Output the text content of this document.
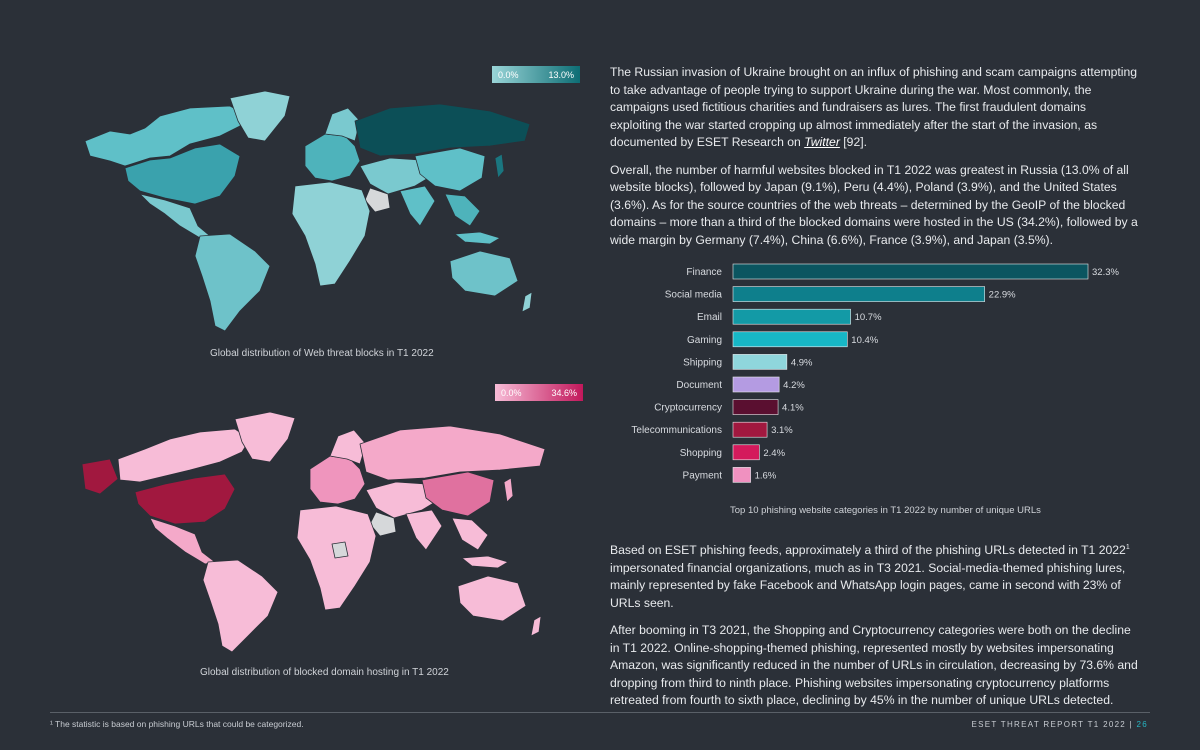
0.0%	13.0%
Global distribution of Web threat blocks in T1 2022
0.0%	34.6%
Global distribution of blocked domain hosting in T1 2022

The Russian invasion of Ukraine brought on an influx of phishing and scam campaigns attempting to take advantage of people trying to support Ukraine during the war. Most commonly, the campaigns used fictitious charities and fundraisers as lures. The first fraudulent domains exploiting the war started cropping up almost immediately after the start of the invasion, as documented by ESET Research on Twitter [92].

Overall, the number of harmful websites blocked in T1 2022 was greatest in Russia (13.0% of all website blocks), followed by Japan (9.1%), Peru (4.4%), Poland (3.9%), and the United States (3.6%). As for the source countries of the web threats – determined by the GeoIP of the blocked domains – more than a third of the blocked domains were hosted in the US (34.2%), followed by a wide margin by Germany (7.4%), China (6.6%), France (3.9%), and Japan (3.5%).

Finance	32.3%
Social media	22.9%
Email	10.7%
Gaming	10.4%
Shipping	4.9%
Document	4.2%
Cryptocurrency	4.1%
Telecommunications	3.1%
Shopping	2.4%
Payment	1.6%
Top 10 phishing website categories in T1 2022 by number of unique URLs

Based on ESET phishing feeds, approximately a third of the phishing URLs detected in T1 2022$^1$ impersonated financial organizations, much as in T3 2021. Social-media-themed phishing lures, mainly represented by fake Facebook and WhatsApp login pages, came in second with 23% of URLs seen.

After booming in T3 2021, the Shopping and Cryptocurrency categories were both on the decline in T1 2022. Online-shopping-themed phishing, represented mostly by websites impersonating Amazon, was significantly reduced in the number of URLs in circulation, decreasing by 73.6% and dropping from third to ninth place. Phishing websites impersonating cryptocurrency platforms retreated from fourth to sixth place, declining by 45% in the number of unique URLs detected.

¹ The statistic is based on phishing URLs that could be categorized.	ESET THREAT REPORT T1 2022 | 26
